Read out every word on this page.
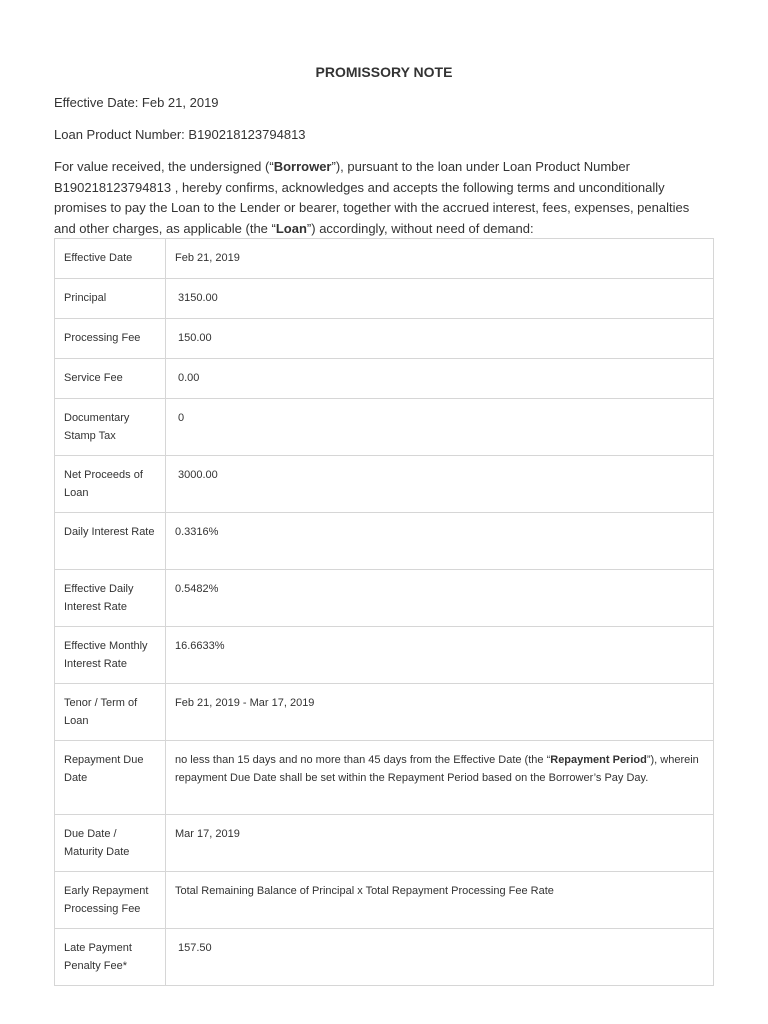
PROMISSORY NOTE
Effective Date: Feb 21, 2019
Loan Product Number: B190218123794813
For value received, the undersigned (“Borrower”), pursuant to the loan under Loan Product Number B190218123794813 , hereby confirms, acknowledges and accepts the following terms and unconditionally promises to pay the Loan to the Lender or bearer, together with the accrued interest, fees, expenses, penalties and other charges, as applicable (the “Loan”) accordingly, without need of demand:
Effective Date	Feb 21, 2019
Principal	3150.00
Processing Fee	150.00
Service Fee	0.00
Documentary Stamp Tax	0
Net Proceeds of Loan	3000.00
Daily Interest Rate	0.3316%
Effective Daily Interest Rate	0.5482%
Effective Monthly Interest Rate	16.6633%
Tenor / Term of Loan	Feb 21, 2019 - Mar 17, 2019
Repayment Due Date	no less than 15 days and no more than 45 days from the Effective Date (the “Repayment Period”), wherein repayment Due Date shall be set within the Repayment Period based on the Borrower’s Pay Day.
Due Date / Maturity Date	Mar 17, 2019
Early Repayment Processing Fee	Total Remaining Balance of Principal x Total Repayment Processing Fee Rate
Late Payment Penalty Fee*	157.50
